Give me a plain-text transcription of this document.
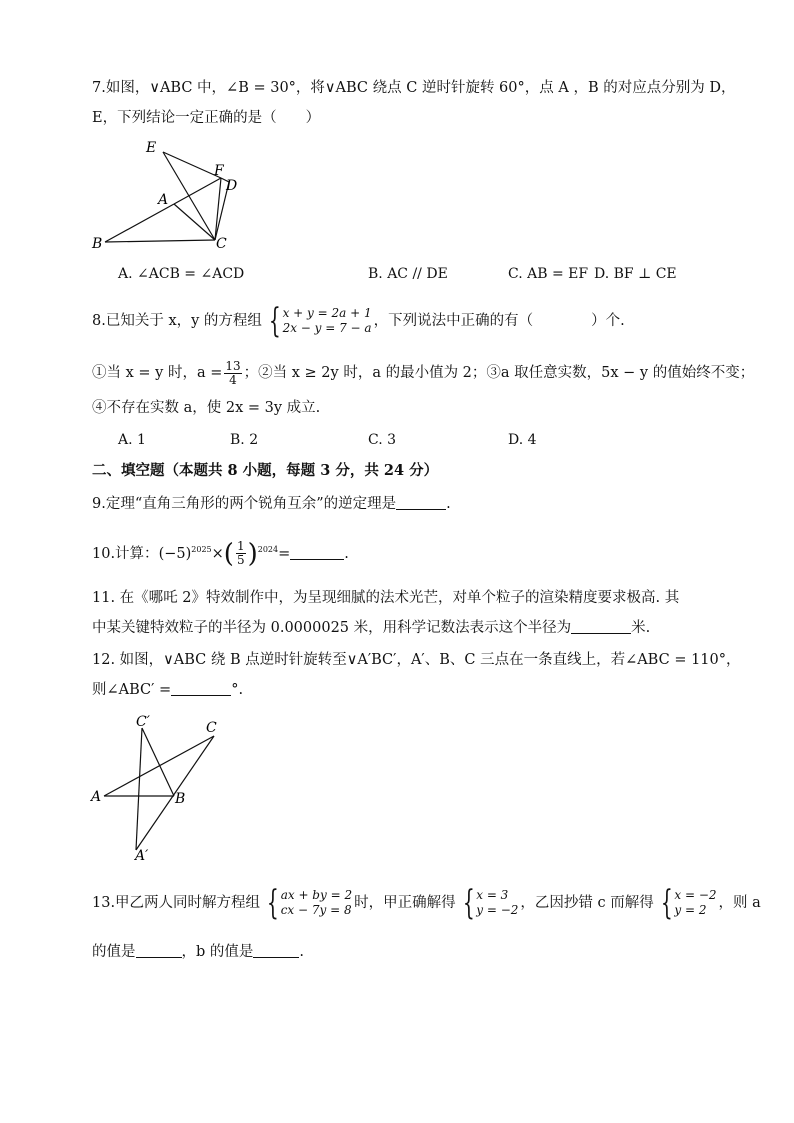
7.如图，∨ABC 中，∠B = 30°，将∨ABC 绕点 C 逆时针旋转 60°，点 A ，B 的对应点分别为 D，
E，下列结论一定正确的是（　　）
E
F
D
A
B	C
A. ∠ACB = ∠ACD	B. AC // DE	C. AB = EF D. BF ⊥ CE
8.已知关于 x，y 的方程组 { x + y = 2a + 1
2x − y = 7 − a ，下列说法中正确的有（　　　　）个.
①当 x = y 时，$a = \frac{13}{4}$ ；②当 x ≥ 2y 时，a 的最小值为 2；③a 取任意实数，5x − y 的值始终不变；
④不存在实数 a，使 2x = 3y 成立.
A. 1	B. 2	C. 3	D. 4
二、填空题（本题共 8 小题，每题 3 分，共 24 分）
9.定理“直角三角形的两个锐角互余”的逆定理是	.
10.计算：$(-5)^{2025}\times( \frac{1}{5} )^{2024}=$	.
11. 在《哪吒 2》特效制作中，为呈现细腻的法术光芒，对单个粒子的渲染精度要求极高. 其
中某关键特效粒子的半径为 0.0000025 米，用科学记数法表示这个半径为	米.
12. 如图，∨ABC 绕 B 点逆时针旋转至∨A′BC′，A′、B、C 三点在一条直线上，若∠ABC = 110°，
则∠ABC′ =	°.
C′	C
A	B
A′
13.甲乙两人同时解方程组 { ax + by = 2
cx − 7y = 8 时，甲正确解得 { x = 3
y = −2 ，乙因抄错 c 而解得 { x = −2
y = 2 ，则 a
的值是	，b 的值是	.
